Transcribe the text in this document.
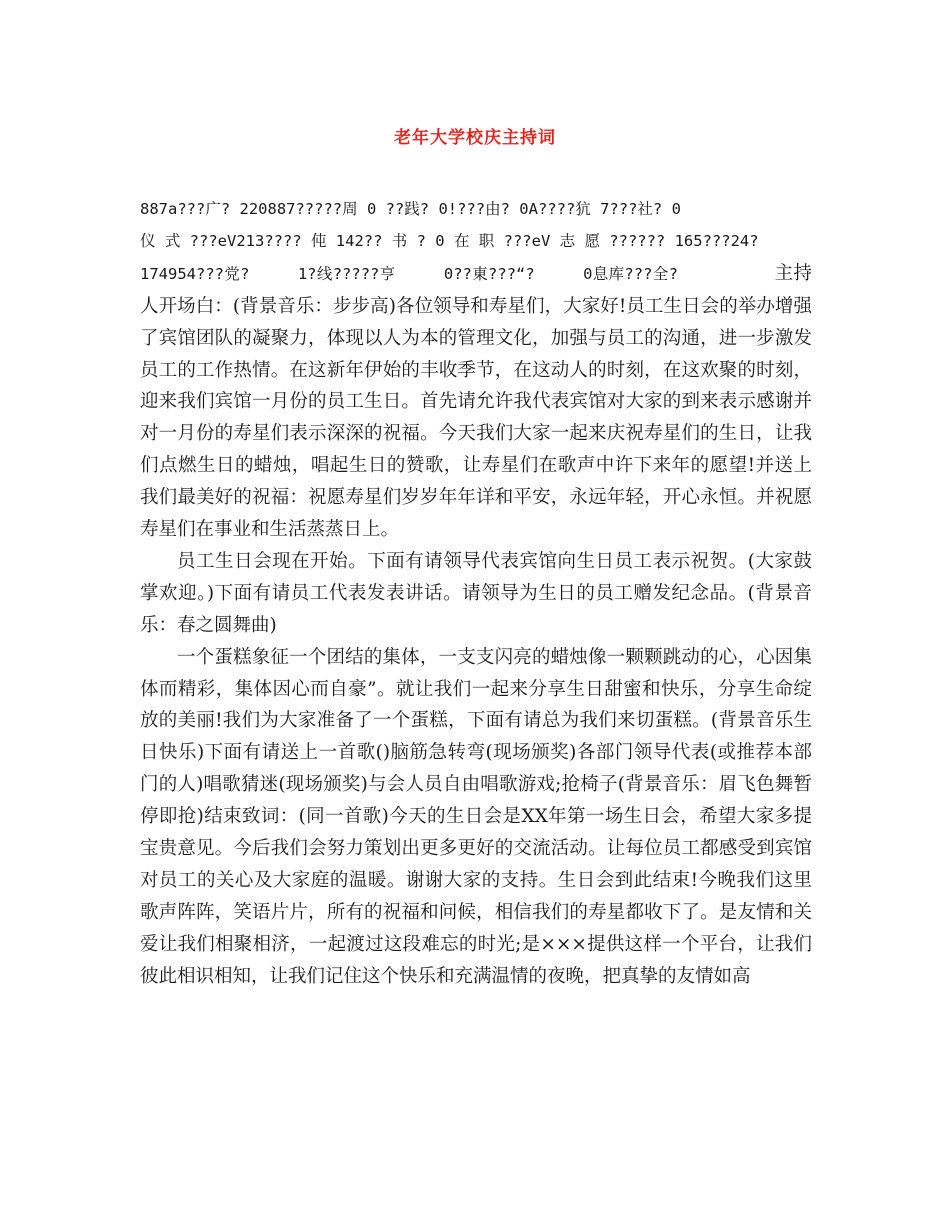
老年大学校庆主持词
887a???广? 220887?????周 0 ??践? 0!???由? 0A????犺 7???社? 0
仪 式 ???eV213???? 伅 142?? 书 ? 0 在 职 ???eV 志 愿 ?????? 165???24?

174954???党?     1?线?????亨     0??東???“?     0息库???全?          主持人开场白：(背景音乐：步步高)各位领导和寿星们，大家好!员工生日会的举办增强了宾馆团队的凝聚力，体现以人为本的管理文化，加强与员工的沟通，进一步激发员工的工作热情。在这新年伊始的丰收季节，在这动人的时刻，在这欢聚的时刻，迎来我们宾馆一月份的员工生日。首先请允许我代表宾馆对大家的到来表示感谢并对一月份的寿星们表示深深的祝福。今天我们大家一起来庆祝寿星们的生日，让我们点燃生日的蜡烛，唱起生日的赞歌，让寿星们在歌声中许下来年的愿望!并送上我们最美好的祝福：祝愿寿星们岁岁年年详和平安，永远年轻，开心永恒。并祝愿寿星们在事业和生活蒸蒸日上。

员工生日会现在开始。下面有请领导代表宾馆向生日员工表示祝贺。(大家鼓掌欢迎。)下面有请员工代表发表讲话。请领导为生日的员工赠发纪念品。(背景音乐：春之圆舞曲)

一个蛋糕象征一个团结的集体，一支支闪亮的蜡烛像一颗颗跳动的心，心因集体而精彩，集体因心而自豪”。就让我们一起来分享生日甜蜜和快乐，分享生命绽放的美丽!我们为大家准备了一个蛋糕，下面有请总为我们来切蛋糕。(背景音乐生日快乐)下面有请送上一首歌()脑筋急转弯(现场颁奖)各部门领导代表(或推荐本部门的人)唱歌猜迷(现场颁奖)与会人员自由唱歌游戏;抢椅子(背景音乐：眉飞色舞暂停即抢)结束致词：(同一首歌)今天的生日会是XX年第一场生日会，希望大家多提宝贵意见。今后我们会努力策划出更多更好的交流活动。让每位员工都感受到宾馆对员工的关心及大家庭的温暖。谢谢大家的支持。生日会到此结束!今晚我们这里歌声阵阵，笑语片片，所有的祝福和问候，相信我们的寿星都收下了。是友情和关爱让我们相聚相济，一起渡过这段难忘的时光;是×××提供这样一个平台，让我们彼此相识相知，让我们记住这个快乐和充满温情的夜晚，把真挚的友情如高
